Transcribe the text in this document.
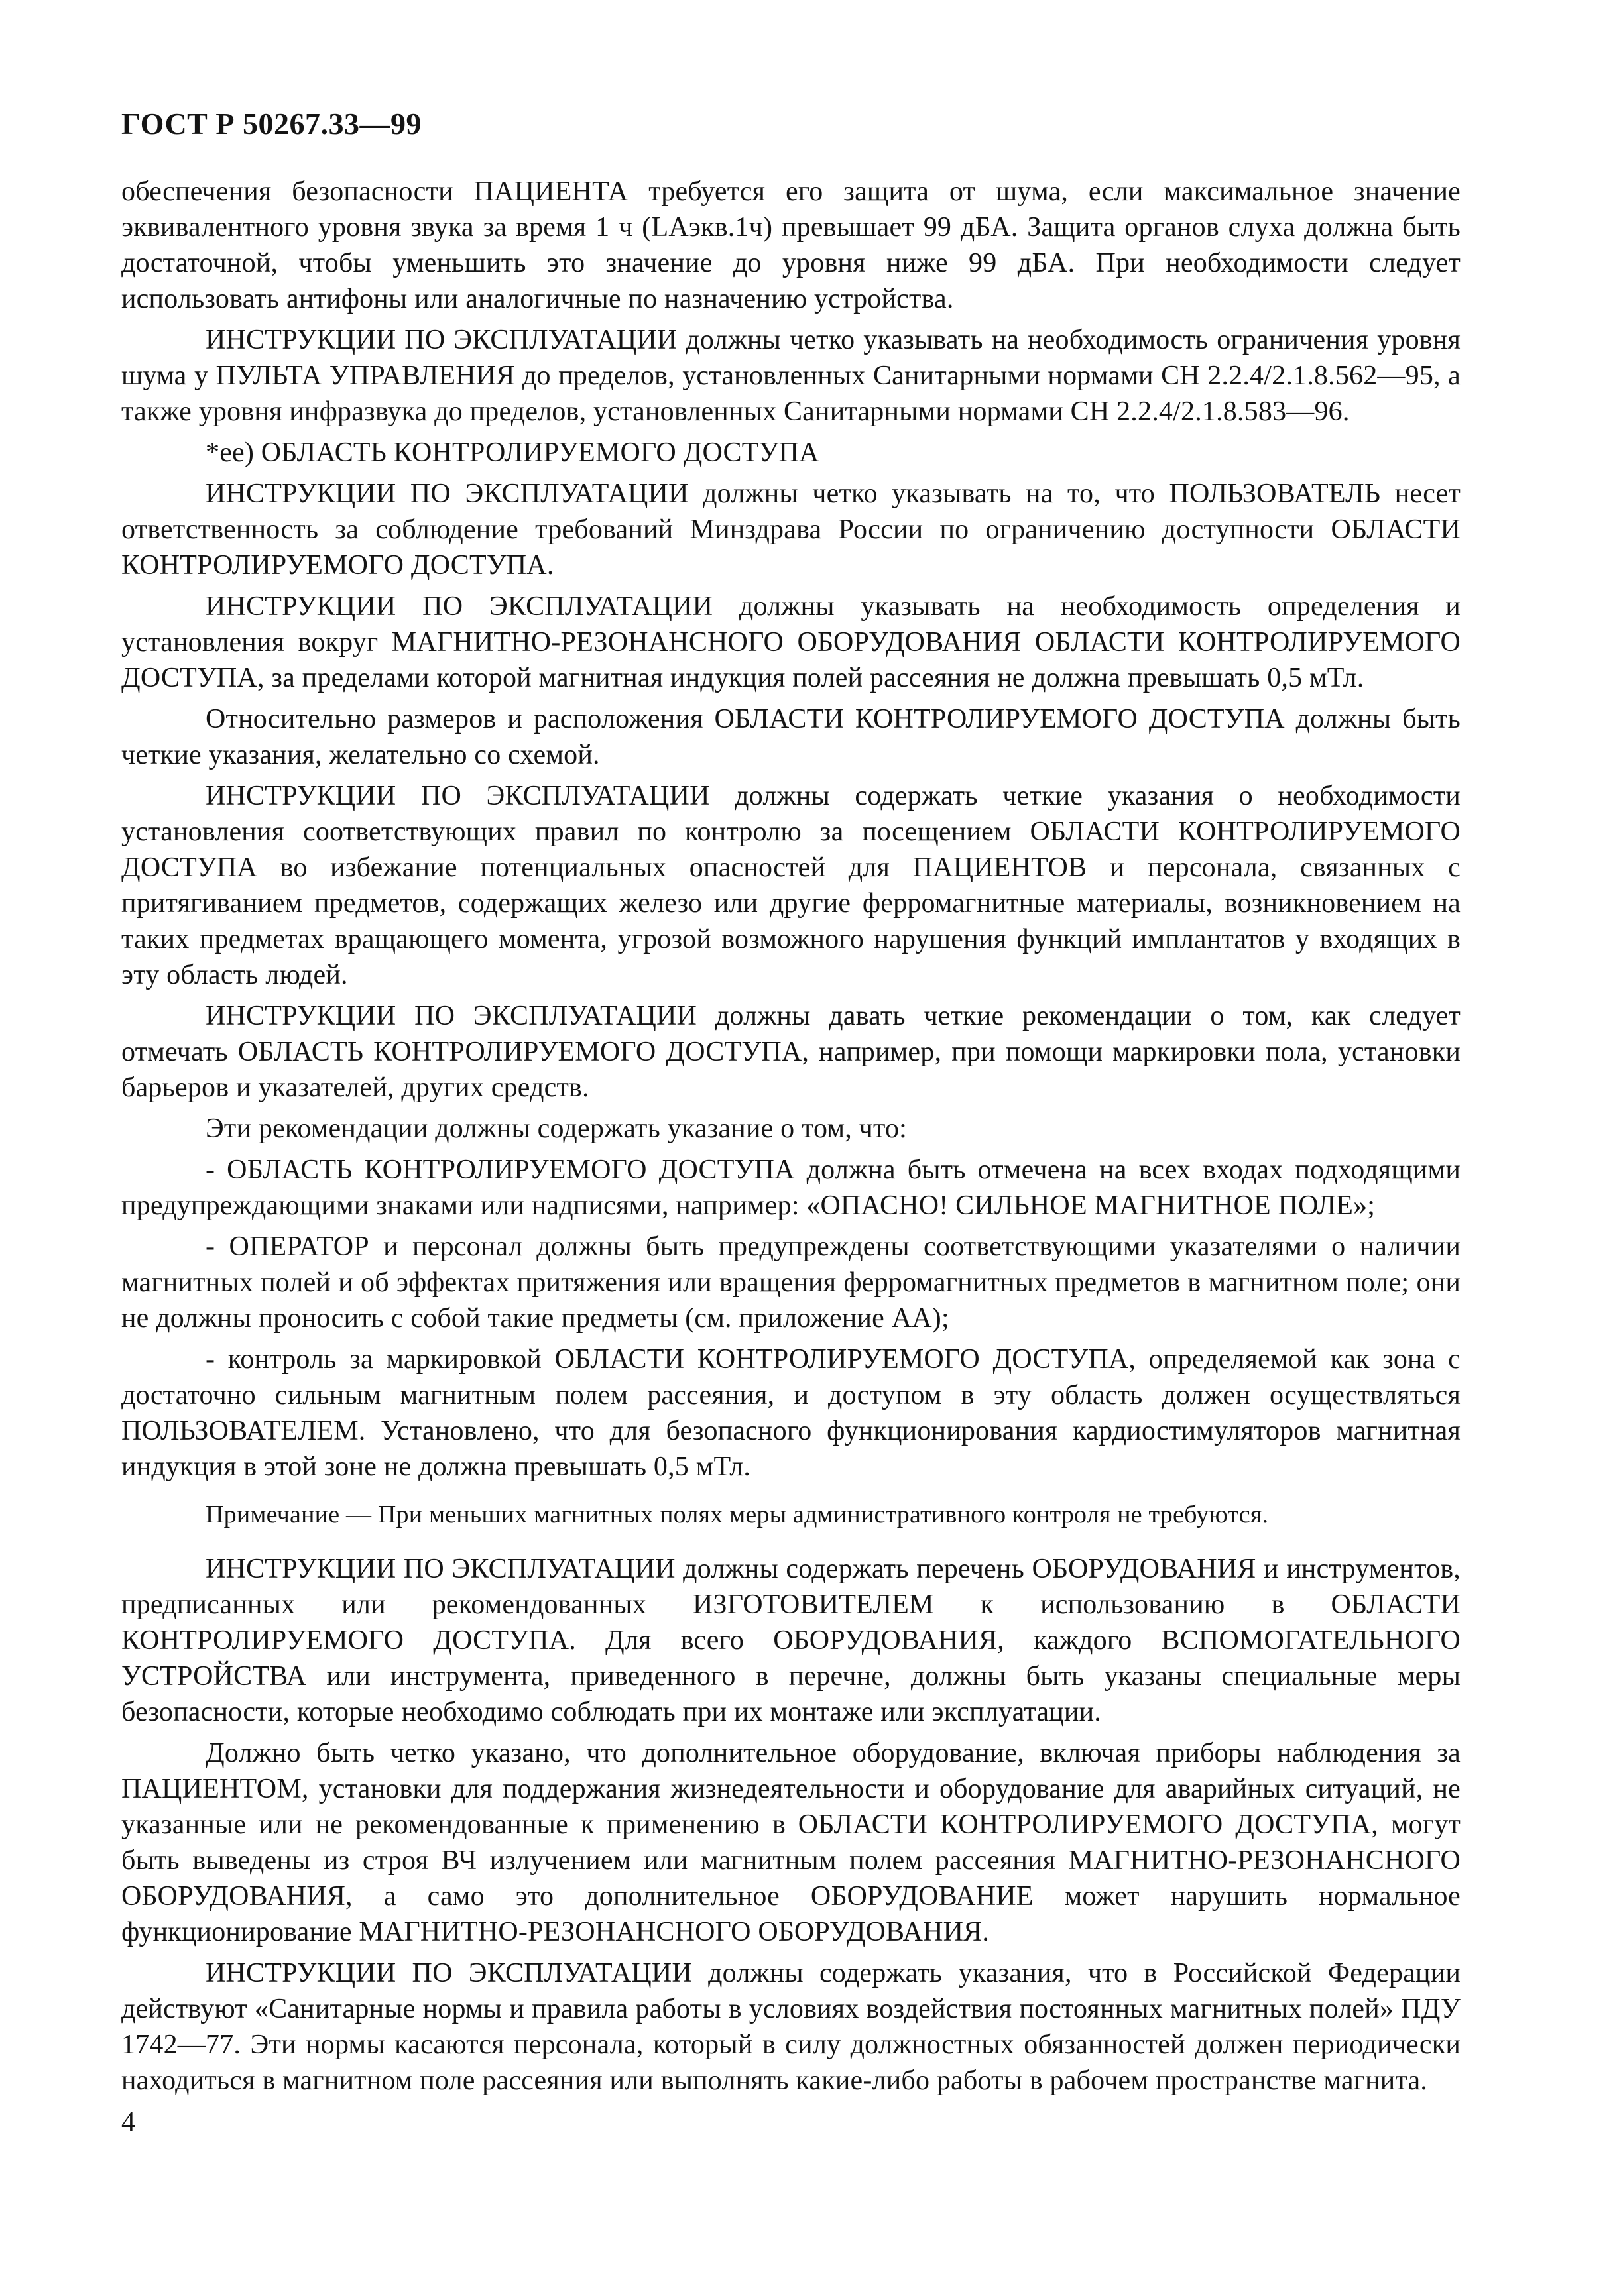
ГОСТ Р 50267.33—99

обеспечения безопасности ПАЦИЕНТА требуется его защита от шума, если максимальное значение эквивалентного уровня звука за время 1 ч (LАэкв.1ч) превышает 99 дБА. Защита органов слуха должна быть достаточной, чтобы уменьшить это значение до уровня ниже 99 дБА. При необходимости следует использовать антифоны или аналогичные по назначению устройства.

ИНСТРУКЦИИ ПО ЭКСПЛУАТАЦИИ должны четко указывать на необходимость ограничения уровня шума у ПУЛЬТА УПРАВЛЕНИЯ до пределов, установленных Санитарными нормами СН 2.2.4/2.1.8.562—95, а также уровня инфразвука до пределов, установленных Санитарными нормами СН 2.2.4/2.1.8.583—96.

*ее) ОБЛАСТЬ КОНТРОЛИРУЕМОГО ДОСТУПА

ИНСТРУКЦИИ ПО ЭКСПЛУАТАЦИИ должны четко указывать на то, что ПОЛЬЗОВАТЕЛЬ несет ответственность за соблюдение требований Минздрава России по ограничению доступности ОБЛАСТИ КОНТРОЛИРУЕМОГО ДОСТУПА.

ИНСТРУКЦИИ ПО ЭКСПЛУАТАЦИИ должны указывать на необходимость определения и установления вокруг МАГНИТНО-РЕЗОНАНСНОГО ОБОРУДОВАНИЯ ОБЛАСТИ КОНТРОЛИРУЕМОГО ДОСТУПА, за пределами которой магнитная индукция полей рассеяния не должна превышать 0,5 мТл.

Относительно размеров и расположения ОБЛАСТИ КОНТРОЛИРУЕМОГО ДОСТУПА должны быть четкие указания, желательно со схемой.

ИНСТРУКЦИИ ПО ЭКСПЛУАТАЦИИ должны содержать четкие указания о необходимости установления соответствующих правил по контролю за посещением ОБЛАСТИ КОНТРОЛИРУЕМОГО ДОСТУПА во избежание потенциальных опасностей для ПАЦИЕНТОВ и персонала, связанных с притягиванием предметов, содержащих железо или другие ферромагнитные материалы, возникновением на таких предметах вращающего момента, угрозой возможного нарушения функций имплантатов у входящих в эту область людей.

ИНСТРУКЦИИ ПО ЭКСПЛУАТАЦИИ должны давать четкие рекомендации о том, как следует отмечать ОБЛАСТЬ КОНТРОЛИРУЕМОГО ДОСТУПА, например, при помощи маркировки пола, установки барьеров и указателей, других средств.

Эти рекомендации должны содержать указание о том, что:

- ОБЛАСТЬ КОНТРОЛИРУЕМОГО ДОСТУПА должна быть отмечена на всех входах подходящими предупреждающими знаками или надписями, например: «ОПАСНО! СИЛЬНОЕ МАГНИТНОЕ ПОЛЕ»;

- ОПЕРАТОР и персонал должны быть предупреждены соответствующими указателями о наличии магнитных полей и об эффектах притяжения или вращения ферромагнитных предметов в магнитном поле; они не должны проносить с собой такие предметы (см. приложение АА);

- контроль за маркировкой ОБЛАСТИ КОНТРОЛИРУЕМОГО ДОСТУПА, определяемой как зона с достаточно сильным магнитным полем рассеяния, и доступом в эту область должен осуществляться ПОЛЬЗОВАТЕЛЕМ. Установлено, что для безопасного функционирования кардиостимуляторов магнитная индукция в этой зоне не должна превышать 0,5 мТл.

Примечание — При меньших магнитных полях меры административного контроля не требуются.

ИНСТРУКЦИИ ПО ЭКСПЛУАТАЦИИ должны содержать перечень ОБОРУДОВАНИЯ и инструментов, предписанных или рекомендованных ИЗГОТОВИТЕЛЕМ к использованию в ОБЛАСТИ КОНТРОЛИРУЕМОГО ДОСТУПА. Для всего ОБОРУДОВАНИЯ, каждого ВСПОМОГАТЕЛЬНОГО УСТРОЙСТВА или инструмента, приведенного в перечне, должны быть указаны специальные меры безопасности, которые необходимо соблюдать при их монтаже или эксплуатации.

Должно быть четко указано, что дополнительное оборудование, включая приборы наблюдения за ПАЦИЕНТОМ, установки для поддержания жизнедеятельности и оборудование для аварийных ситуаций, не указанные или не рекомендованные к применению в ОБЛАСТИ КОНТРОЛИРУЕМОГО ДОСТУПА, могут быть выведены из строя ВЧ излучением или магнитным полем рассеяния МАГНИТНО-РЕЗОНАНСНОГО ОБОРУДОВАНИЯ, а само это дополнительное ОБОРУДОВАНИЕ может нарушить нормальное функционирование МАГНИТНО-РЕЗОНАНСНОГО ОБОРУДОВАНИЯ.

ИНСТРУКЦИИ ПО ЭКСПЛУАТАЦИИ должны содержать указания, что в Российской Федерации действуют «Санитарные нормы и правила работы в условиях воздействия постоянных магнитных полей» ПДУ 1742—77. Эти нормы касаются персонала, который в силу должностных обязанностей должен периодически находиться в магнитном поле рассеяния или выполнять какие-либо работы в рабочем пространстве магнита.

4
